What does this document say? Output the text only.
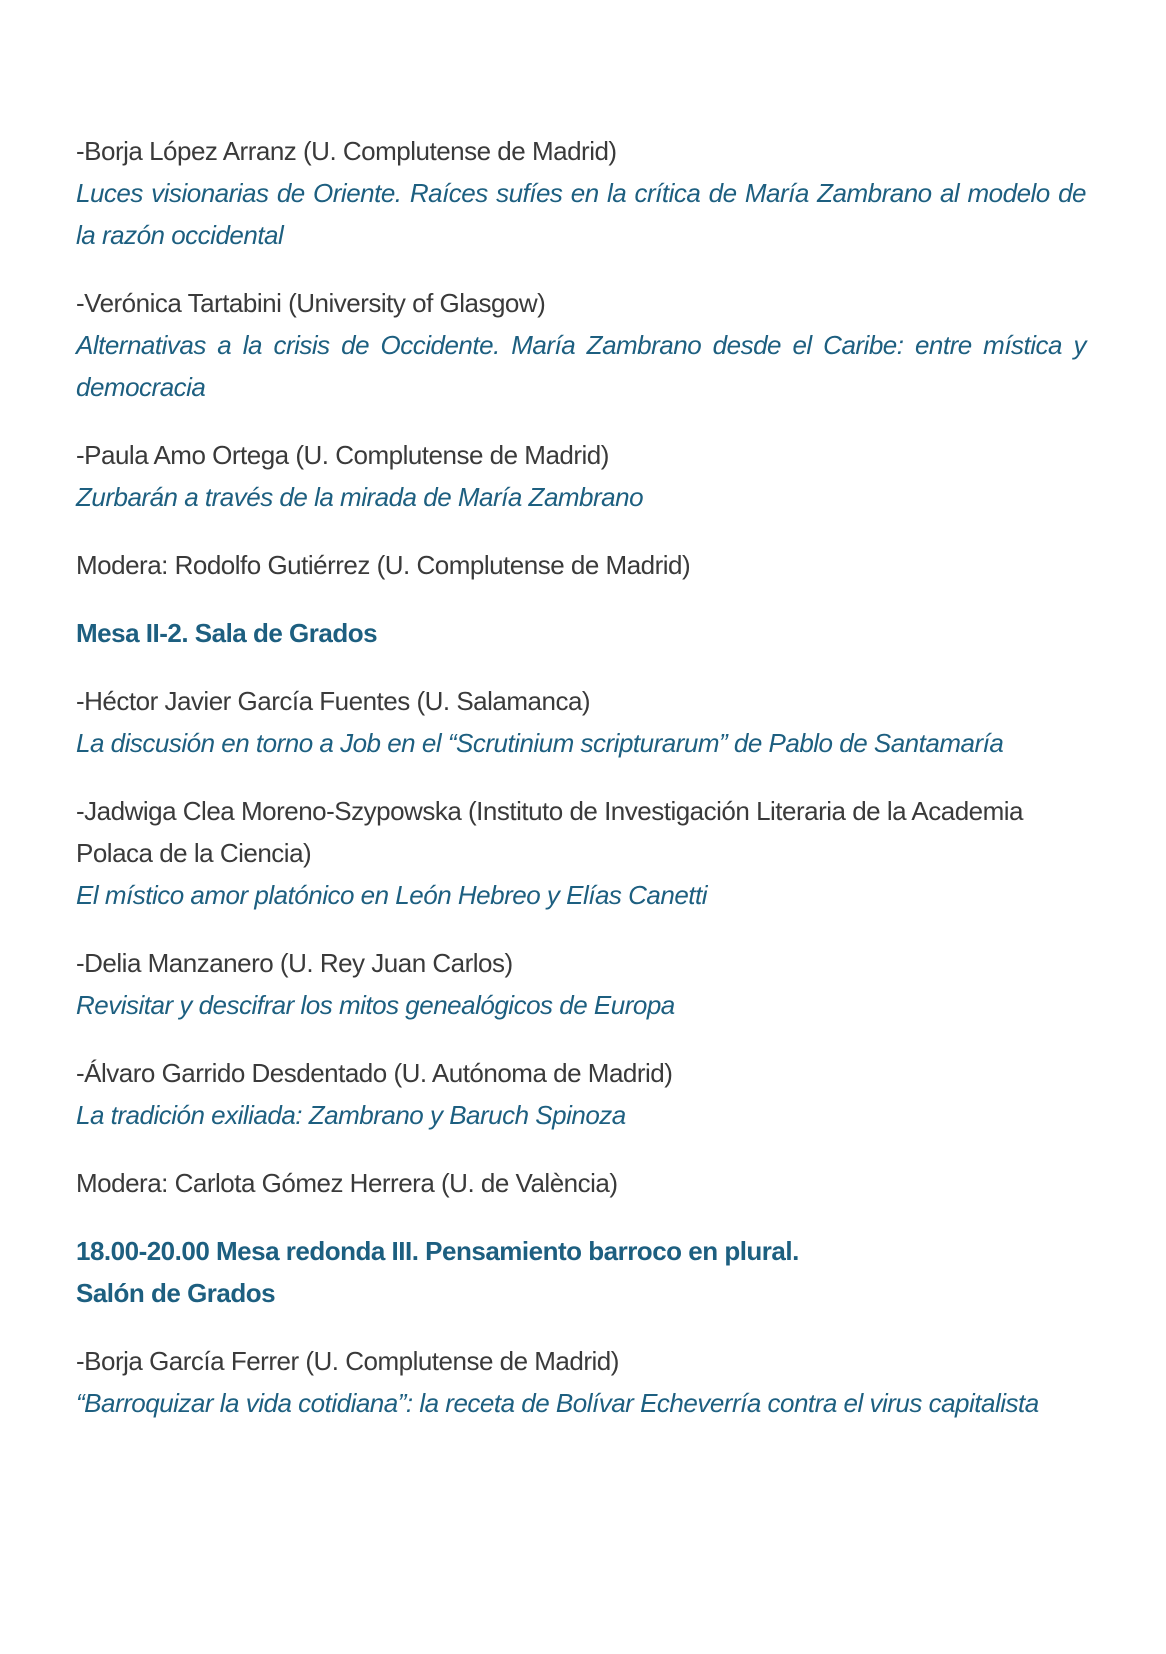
-Borja López Arranz (U. Complutense de Madrid)

Luces visionarias de Oriente. Raíces sufíes en la crítica de María Zambrano al modelo de la razón occidental

-Verónica Tartabini (University of Glasgow)

Alternativas a la crisis de Occidente. María Zambrano desde el Caribe: entre mística y democracia

-Paula Amo Ortega (U. Complutense de Madrid)

Zurbarán a través de la mirada de María Zambrano

Modera: Rodolfo Gutiérrez (U. Complutense de Madrid)

Mesa II-2. Sala de Grados

-Héctor Javier García Fuentes (U. Salamanca)

La discusión en torno a Job en el “Scrutinium scripturarum” de Pablo de Santamaría

-Jadwiga Clea Moreno-Szypowska (Instituto de Investigación Literaria de la Academia Polaca de la Ciencia)

El místico amor platónico en León Hebreo y Elías Canetti

-Delia Manzanero (U. Rey Juan Carlos)

Revisitar y descifrar los mitos genealógicos de Europa

-Álvaro Garrido Desdentado (U. Autónoma de Madrid)

La tradición exiliada: Zambrano y Baruch Spinoza

Modera: Carlota Gómez Herrera (U. de València)

18.00-20.00 Mesa redonda III. Pensamiento barroco en plural.

Salón de Grados

-Borja García Ferrer (U. Complutense de Madrid)

“Barroquizar la vida cotidiana”: la receta de Bolívar Echeverría contra el virus capitalista
